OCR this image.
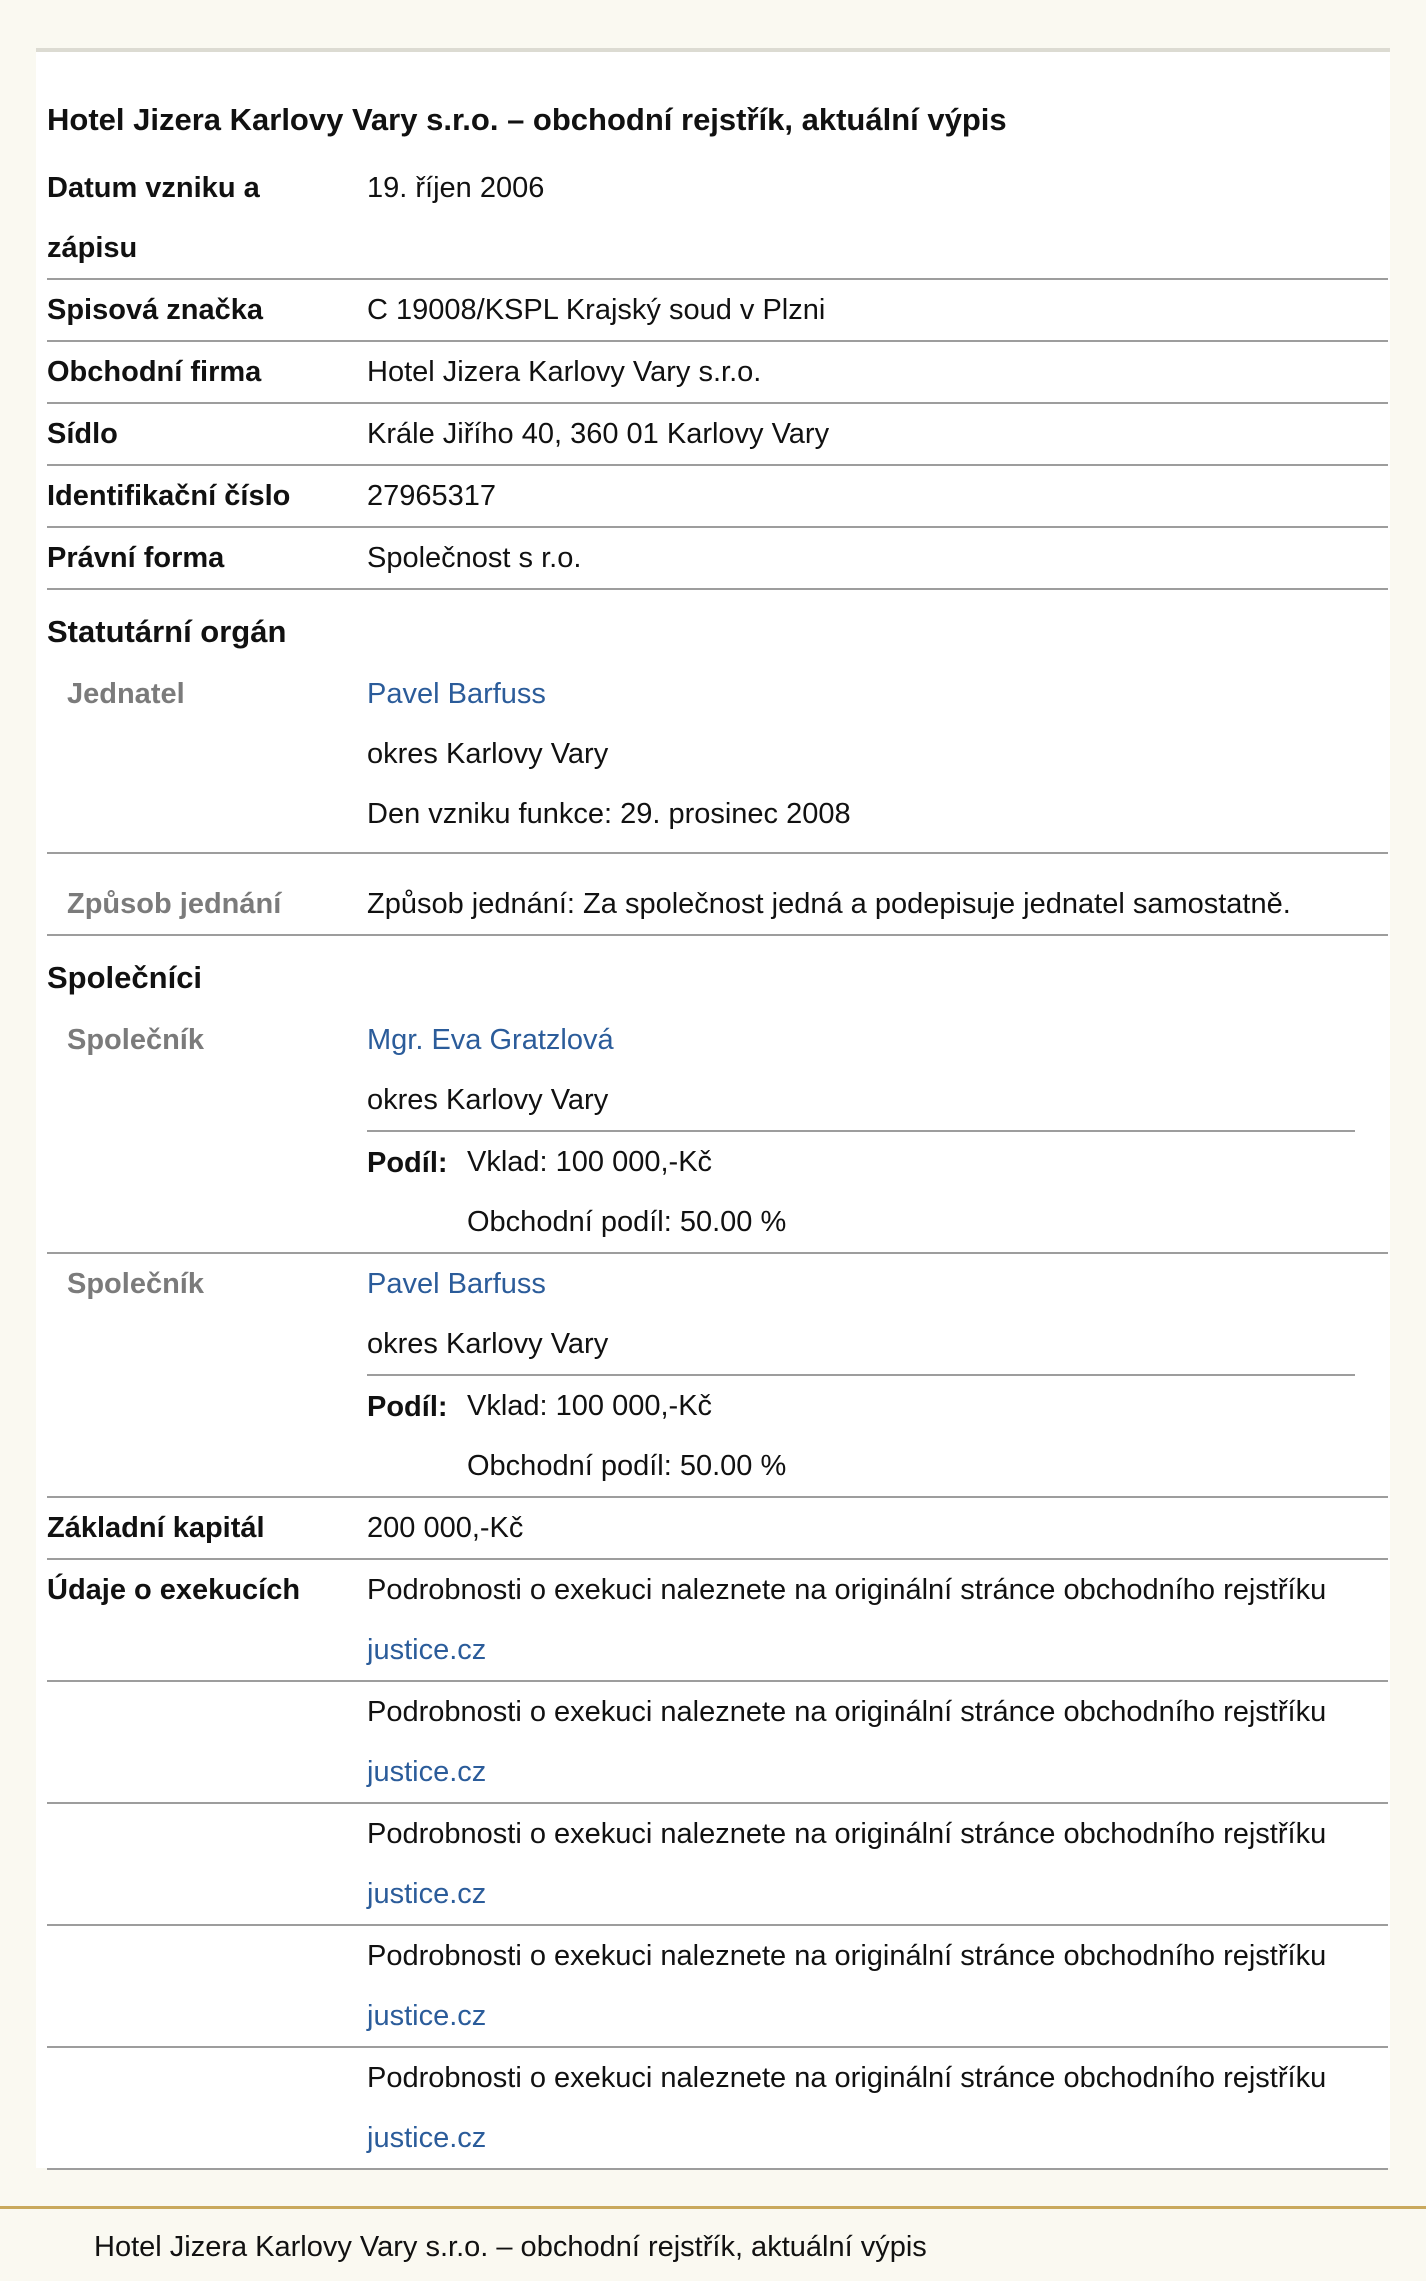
Hotel Jizera Karlovy Vary s.r.o. – obchodní rejstřík, aktuální výpis
Datum vzniku a
zápisu	19. říjen 2006

Spisová značka	C 19008/KSPL Krajský soud v Plzni

Obchodní firma	Hotel Jizera Karlovy Vary s.r.o.

Sídlo	Krále Jiřího 40, 360 01 Karlovy Vary

Identifikační číslo	27965317

Právní forma	Společnost s r.o.

Statutární orgán	

Jednatel	Pavel Barfuss
okres Karlovy Vary
Den vzniku funkce: 29. prosinec 2008

Způsob jednání	Způsob jednání: Za společnost jedná a podepisuje jednatel samostatně.

Společníci	

Společník	Mgr. Eva Gratzlová
okres Karlovy Vary
Podíl: Vklad: 100 000,-Kč
Obchodní podíl: 50.00 %

Společník	Pavel Barfuss
okres Karlovy Vary
Podíl: Vklad: 100 000,-Kč
Obchodní podíl: 50.00 %

Základní kapitál	200 000,-Kč

Údaje o exekucích	Podrobnosti o exekuci naleznete na originální stránce obchodního rejstříku
justice.cz

	Podrobnosti o exekuci naleznete na originální stránce obchodního rejstříku
justice.cz

	Podrobnosti o exekuci naleznete na originální stránce obchodního rejstříku
justice.cz

	Podrobnosti o exekuci naleznete na originální stránce obchodního rejstříku
justice.cz

	Podrobnosti o exekuci naleznete na originální stránce obchodního rejstříku
justice.cz
Hotel Jizera Karlovy Vary s.r.o. – obchodní rejstřík, aktuální výpis
